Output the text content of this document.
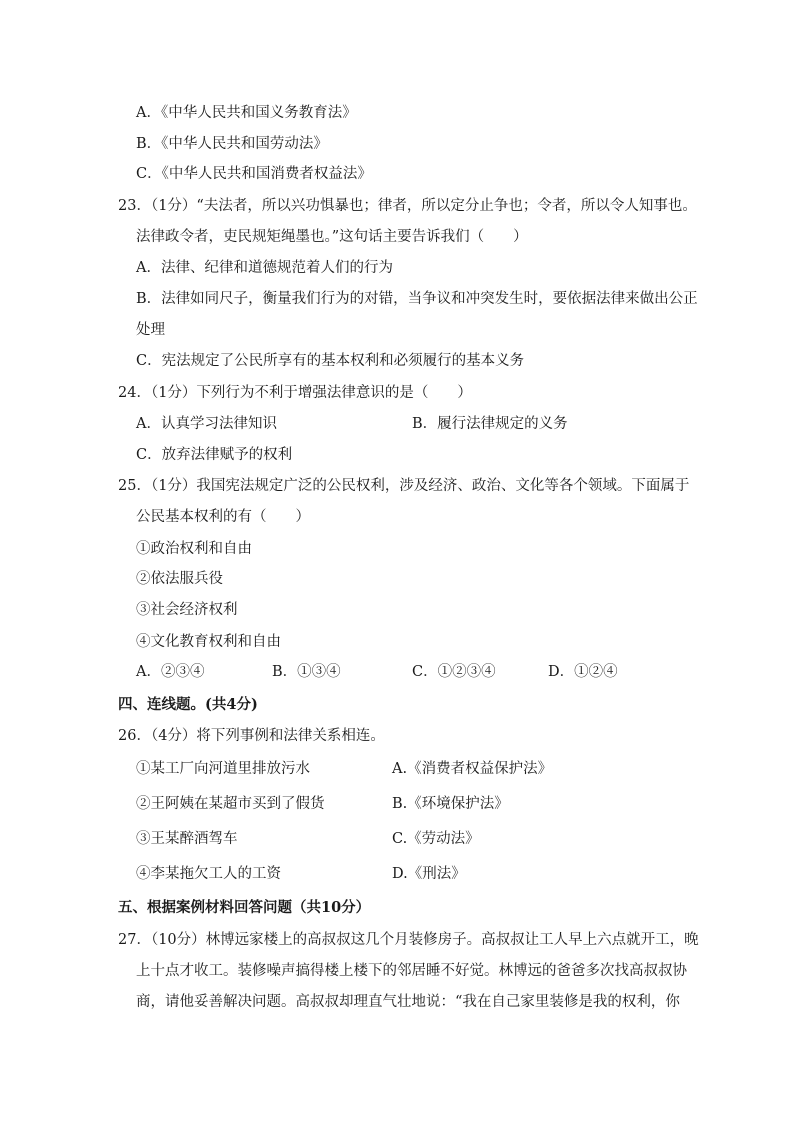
A．《中华人民共和国义务教育法》
B．《中华人民共和国劳动法》
C．《中华人民共和国消费者权益法》
23．（1分）“夫法者，所以兴功惧暴也；律者，所以定分止争也；令者，所以令人知事也。
法律政令者，吏民规矩绳墨也。”这句话主要告诉我们（　　）
A．法律、纪律和道德规范着人们的行为
B．法律如同尺子，衡量我们行为的对错，当争议和冲突发生时，要依据法律来做出公正
处理
C．宪法规定了公民所享有的基本权利和必须履行的基本义务
24．（1分）下列行为不利于增强法律意识的是（　　）
A．认真学习法律知识	B．履行法律规定的义务
C．放弃法律赋予的权利
25．（1分）我国宪法规定广泛的公民权利，涉及经济、政治、文化等各个领域。下面属于
公民基本权利的有（　　）
①政治权利和自由
②依法服兵役
③社会经济权利
④文化教育权利和自由
A．②③④	B．①③④	C．①②③④	D．①②④
四、连线题。(共4分)
26．（4分）将下列事例和法律关系相连。
①某工厂向河道里排放污水	A.《消费者权益保护法》
②王阿姨在某超市买到了假货	B.《环境保护法》
③王某醉酒驾车	C.《劳动法》
④李某拖欠工人的工资	D.《刑法》
五、根据案例材料回答问题（共10分）
27．（10分）林博远家楼上的高叔叔这几个月装修房子。高叔叔让工人早上六点就开工，晚
上十点才收工。装修噪声搞得楼上楼下的邻居睡不好觉。林博远的爸爸多次找高叔叔协
商，请他妥善解决问题。高叔叔却理直气壮地说：“我在自己家里装修是我的权利，你
